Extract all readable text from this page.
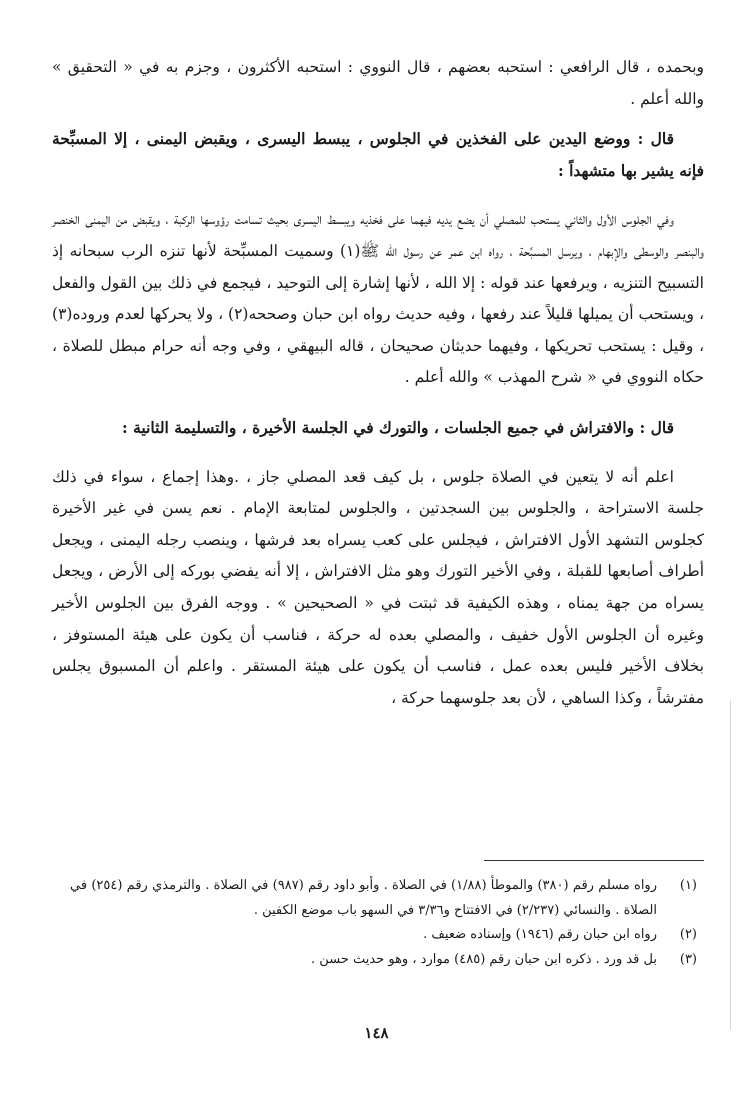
وبحمده ، قال الرافعي : استحبه بعضهم ، قال النووي : استحبه الأكثرون ، وجزم به في « التحقيق » والله أعلم .

قال : ووضع اليدين على الفخذين في الجلوس ، يبسط اليسرى ، ويقبض اليمنى ، إلا المسبِّحة فإنه يشير بها متشهداً :

وفي الجلوس الأول والثاني يستحب للمصلي أن يضع يديه فيهما على فخذيه ويبسط اليسرى بحيث تسامت رؤوسها الركبة ، ويقبض من اليمنى الخنصر والبنصر والوسطى والإبهام ، ويرسل المسبِّحة ، رواه ابن عمر عن رسول الله ﷺ(١) وسميت المسبِّحة لأنها تنزه الرب سبحانه إذ التسبيح التنزيه ، ويرفعها عند قوله : إلا الله ، لأنها إشارة إلى التوحيد ، فيجمع في ذلك بين القول والفعل ، ويستحب أن يميلها قليلاً عند رفعها ، وفيه حديث رواه ابن حبان وصححه(٢) ، ولا يحركها لعدم وروده(٣) ، وقيل : يستحب تحريكها ، وفيهما حديثان صحيحان ، قاله البيهقي ، وفي وجه أنه حرام مبطل للصلاة ، حكاه النووي في « شرح المهذب » والله أعلم .

قال : والافتراش في جميع الجلسات ، والتورك في الجلسة الأخيرة ، والتسليمة الثانية :

اعلم أنه لا يتعين في الصلاة جلوس ، بل كيف قعد المصلي جاز ، .وهذا إجماع ، سواء في ذلك جلسة الاستراحة ، والجلوس بين السجدتين ، والجلوس لمتابعة الإمام . نعم يسن في غير الأخيرة كجلوس التشهد الأول الافتراش ، فيجلس على كعب يسراه بعد فرشها ، وينصب رجله اليمنى ، ويجعل أطراف أصابعها للقبلة ، وفي الأخير التورك وهو مثل الافتراش ، إلا أنه يفضي بوركه إلى الأرض ، ويجعل يسراه من جهة يمناه ، وهذه الكيفية قد ثبتت في « الصحيحين » . ووجه الفرق بين الجلوس الأخير وغيره أن الجلوس الأول خفيف ، والمصلي بعده له حركة ، فناسب أن يكون على هيئة المستوفز ، بخلاف الأخير فليس بعده عمل ، فناسب أن يكون على هيئة المستقر . واعلم أن المسبوق يجلس مفترشاً ، وكذا الساهي ، لأن بعد جلوسهما حركة ،

(١)
رواه مسلم رقم (٣٨٠) والموطأ (١/٨٨) في الصلاة . وأبو داود رقم (٩٨٧) في الصلاة . والترمذي رقم (٢٥٤) في الصلاة . والنسائي (٢/٢٣٧) في الافتتاح و٣/٣٦ في السهو باب موضع الكفين .
(٢)
رواه ابن حبان رقم (١٩٤٦) وإسناده ضعيف .
(٣)
بل قد ورد . ذكره ابن حبان رقم (٤٨٥) موارد ، وهو حديث حسن .
١٤٨
